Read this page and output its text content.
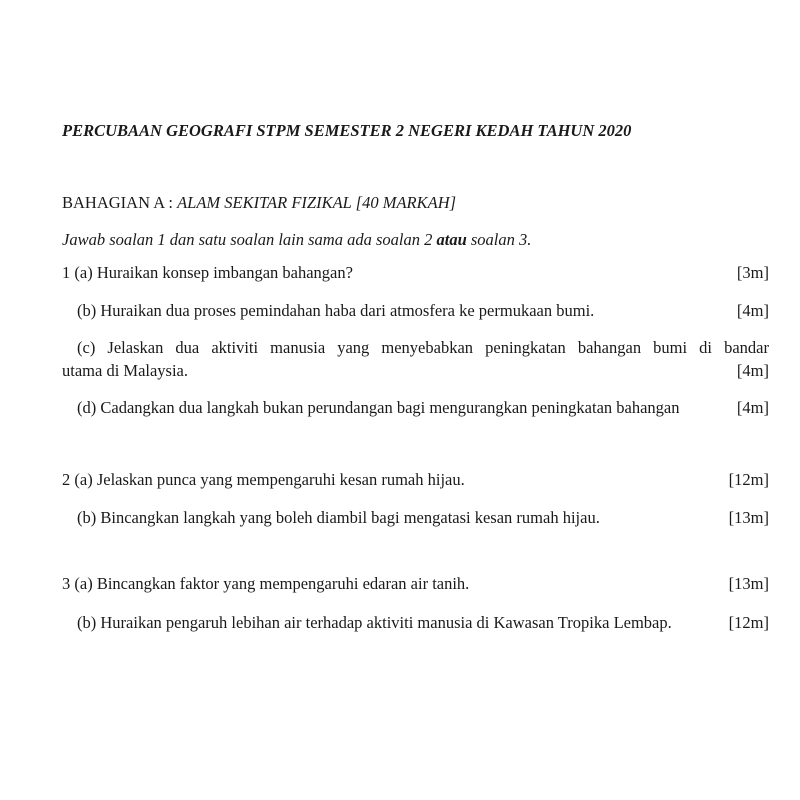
PERCUBAAN GEOGRAFI STPM SEMESTER 2 NEGERI KEDAH TAHUN 2020
BAHAGIAN A : ALAM SEKITAR FIZIKAL [40 MARKAH]
Jawab soalan 1 dan satu soalan lain sama ada soalan 2 atau soalan 3.
1 (a) Huraikan konsep imbangan bahangan?	[3m]
(b) Huraikan dua proses pemindahan haba dari atmosfera ke permukaan bumi.	[4m]
(c) Jelaskan dua aktiviti manusia yang menyebabkan peningkatan bahangan bumi di bandar
utama di Malaysia.	[4m]
(d) Cadangkan dua langkah bukan perundangan bagi mengurangkan peningkatan bahangan	[4m]
2 (a) Jelaskan punca yang mempengaruhi kesan rumah hijau.	[12m]
(b) Bincangkan langkah yang boleh diambil bagi mengatasi kesan rumah hijau.	[13m]
3 (a) Bincangkan faktor yang mempengaruhi edaran air tanih.	[13m]
(b) Huraikan pengaruh lebihan air terhadap aktiviti manusia di Kawasan Tropika Lembap.	[12m]
